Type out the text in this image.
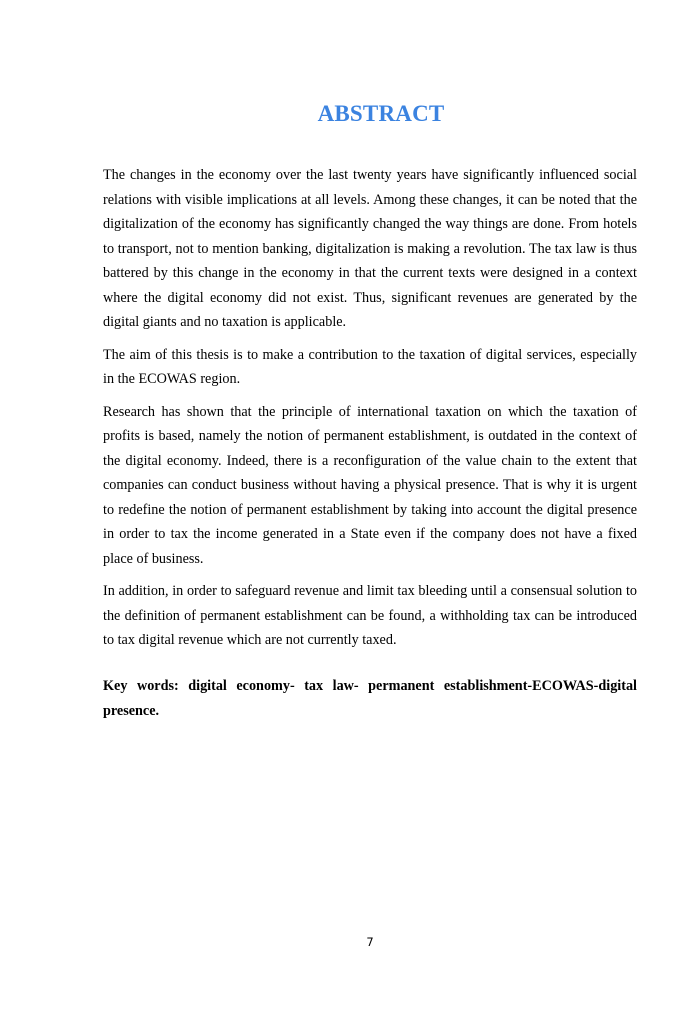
ABSTRACT

The changes in the economy over the last twenty years have significantly influenced social relations with visible implications at all levels. Among these changes, it can be noted that the digitalization of the economy has significantly changed the way things are done. From hotels to transport, not to mention banking, digitalization is making a revolution. The tax law is thus battered by this change in the economy in that the current texts were designed in a context where the digital economy did not exist. Thus, significant revenues are generated by the digital giants and no taxation is applicable.

The aim of this thesis is to make a contribution to the taxation of digital services, especially in the ECOWAS region.

Research has shown that the principle of international taxation on which the taxation of profits is based, namely the notion of permanent establishment, is outdated in the context of the digital economy. Indeed, there is a reconfiguration of the value chain to the extent that companies can conduct business without having a physical presence. That is why it is urgent to redefine the notion of permanent establishment by taking into account the digital presence in order to tax the income generated in a State even if the company does not have a fixed place of business.

In addition, in order to safeguard revenue and limit tax bleeding until a consensual solution to the definition of permanent establishment can be found, a withholding tax can be introduced to tax digital revenue which are not currently taxed.

Key words: digital economy- tax law- permanent establishment-ECOWAS-digital presence.
7
